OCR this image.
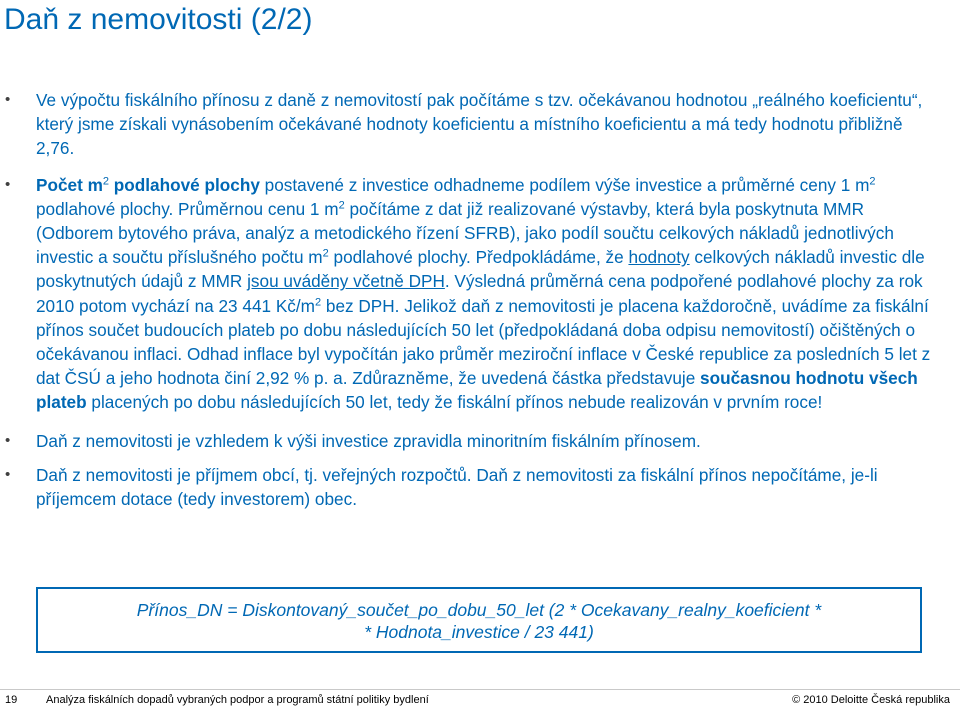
Daň z nemovitosti (2/2)
• Ve výpočtu fiskálního přínosu z daně z nemovitostí pak počítáme s tzv. očekávanou hodnotou „reálného koeficientu“, který jsme získali vynásobením očekávané hodnoty koeficientu a místního koeficientu a má tedy hodnotu přibližně 2,76.
• Počet $m^2$ podlahové plochy postavené z investice odhadneme podílem výše investice a průměrné ceny 1 $m^2$ podlahové plochy. Průměrnou cenu 1 $m^2$ počítáme z dat již realizované výstavby, která byla poskytnuta MMR (Odborem bytového práva, analýz a metodického řízení SFRB), jako podíl součtu celkových nákladů jednotlivých investic a součtu příslušného počtu $m^2$ podlahové plochy. Předpokládáme, že hodnoty celkových nákladů investic dle poskytnutých údajů z MMR jsou uváděny včetně DPH. Výsledná průměrná cena podpořené podlahové plochy za rok 2010 potom vychází na 23 441 $Kč/m^2$ bez DPH. Jelikož daň z nemovitosti je placena každoročně, uvádíme za fiskální přínos součet budoucích plateb po dobu následujících 50 let (předpokládaná doba odpisu nemovitostí) očištěných o očekávanou inflaci. Odhad inflace byl vypočítán jako průměr meziroční inflace v České republice za posledních 5 let z dat ČSÚ a jeho hodnota činí 2,92 % p. a. Zdůrazněme, že uvedená částka představuje současnou hodnotu všech plateb placených po dobu následujících 50 let, tedy že fiskální přínos nebude realizován v prvním roce!
• Daň z nemovitosti je vzhledem k výši investice zpravidla minoritním fiskálním přínosem.
• Daň z nemovitosti je příjmem obcí, tj. veřejných rozpočtů. Daň z nemovitosti za fiskální přínos nepočítáme, je-li příjemcem dotace (tedy investorem) obec.
Přínos_DN = Diskontovaný_součet_po_dobu_50_let (2 * Ocekavany_realny_koeficient *
* Hodnota_investice / 23 441)
19	Analýza fiskálních dopadů vybraných podpor a programů státní politiky bydlení	© 2010 Deloitte Česká republika
